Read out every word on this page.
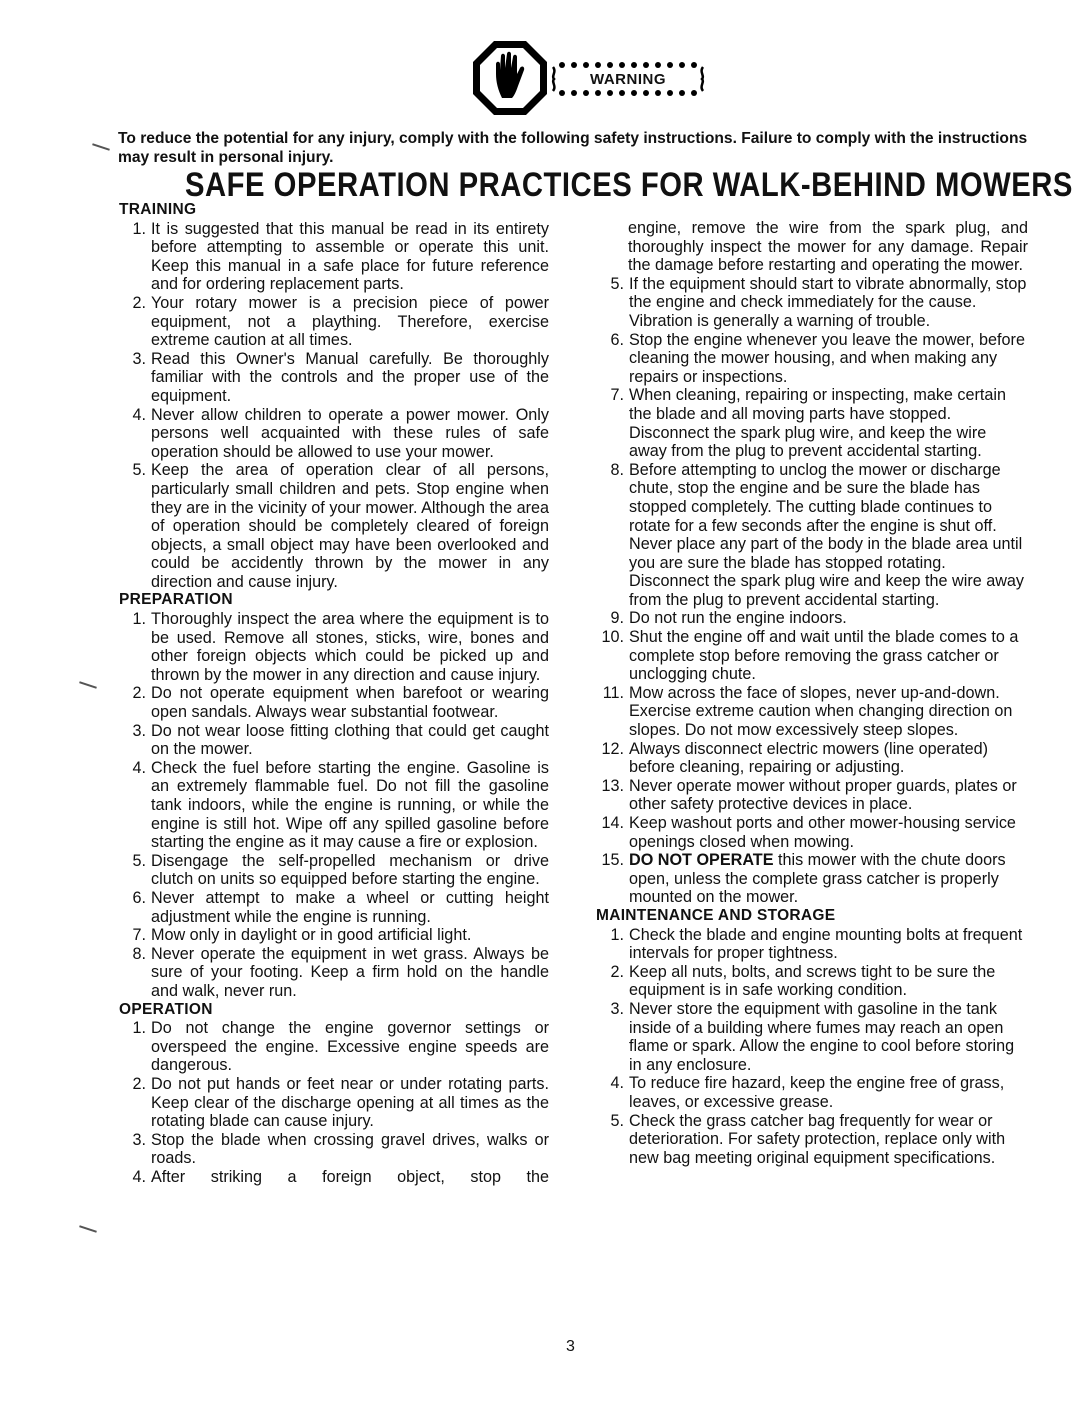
WARNING
To reduce the potential for any injury, comply with the following safety instructions. Failure to comply with the instructions may result in personal injury.
SAFE OPERATION PRACTICES FOR WALK-BEHIND MOWERS
TRAINING
1. It is suggested that this manual be read in its entirety before attempting to assemble or operate this unit. Keep this manual in a safe place for future reference and for ordering replacement parts.
2. Your rotary mower is a precision piece of power equipment, not a plaything. Therefore, exercise extreme caution at all times.
3. Read this Owner's Manual carefully. Be thoroughly familiar with the controls and the proper use of the equipment.
4. Never allow children to operate a power mower. Only persons well acquainted with these rules of safe operation should be allowed to use your mower.
5. Keep the area of operation clear of all persons, particularly small children and pets. Stop engine when they are in the vicinity of your mower. Although the area of operation should be completely cleared of foreign objects, a small object may have been overlooked and could be accidently thrown by the mower in any direction and cause injury.
PREPARATION
1. Thoroughly inspect the area where the equipment is to be used. Remove all stones, sticks, wire, bones and other foreign objects which could be picked up and thrown by the mower in any direction and cause injury.
2. Do not operate equipment when barefoot or wearing open sandals. Always wear substantial footwear.
3. Do not wear loose fitting clothing that could get caught on the mower.
4. Check the fuel before starting the engine. Gasoline is an extremely flammable fuel. Do not fill the gasoline tank indoors, while the engine is running, or while the engine is still hot. Wipe off any spilled gasoline before starting the engine as it may cause a fire or explosion.
5. Disengage the self-propelled mechanism or drive clutch on units so equipped before starting the engine.
6. Never attempt to make a wheel or cutting height adjustment while the engine is running.
7. Mow only in daylight or in good artificial light.
8. Never operate the equipment in wet grass. Always be sure of your footing. Keep a firm hold on the handle and walk, never run.
OPERATION
1. Do not change the engine governor settings or overspeed the engine. Excessive engine speeds are dangerous.
2. Do not put hands or feet near or under rotating parts. Keep clear of the discharge opening at all times as the rotating blade can cause injury.
3. Stop the blade when crossing gravel drives, walks or roads.
4. After striking a foreign object, stop the
engine, remove the wire from the spark plug, and thoroughly inspect the mower for any damage. Repair the damage before restarting and operating the mower.
5. If the equipment should start to vibrate abnormally, stop the engine and check immediately for the cause. Vibration is generally a warning of trouble.
6. Stop the engine whenever you leave the mower, before cleaning the mower housing, and when making any repairs or inspections.
7. When cleaning, repairing or inspecting, make certain the blade and all moving parts have stopped. Disconnect the spark plug wire, and keep the wire away from the plug to prevent accidental starting.
8. Before attempting to unclog the mower or discharge chute, stop the engine and be sure the blade has stopped completely. The cutting blade continues to rotate for a few seconds after the engine is shut off. Never place any part of the body in the blade area until you are sure the blade has stopped rotating. Disconnect the spark plug wire and keep the wire away from the plug to prevent accidental starting.
9. Do not run the engine indoors.
10. Shut the engine off and wait until the blade comes to a complete stop before removing the grass catcher or unclogging chute.
11. Mow across the face of slopes, never up-and-down. Exercise extreme caution when changing direction on slopes. Do not mow excessively steep slopes.
12. Always disconnect electric mowers (line operated) before cleaning, repairing or adjusting.
13. Never operate mower without proper guards, plates or other safety protective devices in place.
14. Keep washout ports and other mower-housing service openings closed when mowing.
15. DO NOT OPERATE this mower with the chute doors open, unless the complete grass catcher is properly mounted on the mower.
MAINTENANCE AND STORAGE
1. Check the blade and engine mounting bolts at frequent intervals for proper tightness.
2. Keep all nuts, bolts, and screws tight to be sure the equipment is in safe working condition.
3. Never store the equipment with gasoline in the tank inside of a building where fumes may reach an open flame or spark. Allow the engine to cool before storing in any enclosure.
4. To reduce fire hazard, keep the engine free of grass, leaves, or excessive grease.
5. Check the grass catcher bag frequently for wear or deterioration. For safety protection, replace only with new bag meeting original equipment specifications.
3
